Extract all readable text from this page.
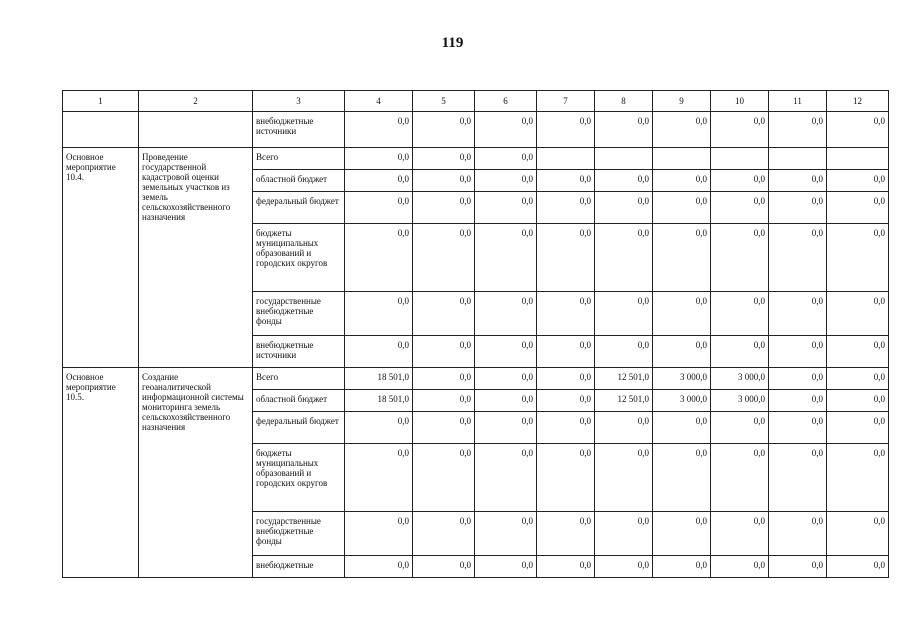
119
1	2	3	4	5	6	7	8	9	10	11	12
		внебюджетные источники	0,0	0,0	0,0	0,0	0,0	0,0	0,0	0,0	0,0
Основное мероприятие 10.4.	Проведение государственной кадастровой оценки земельных участков из земель сельскохозяйственного назначения	Всего	0,0	0,0	0,0						
		областной бюджет	0,0	0,0	0,0	0,0	0,0	0,0	0,0	0,0	0,0
		федеральный бюджет	0,0	0,0	0,0	0,0	0,0	0,0	0,0	0,0	0,0
		бюджеты муниципальных образований и городских округов	0,0	0,0	0,0	0,0	0,0	0,0	0,0	0,0	0,0
		государственные внебюджетные фонды	0,0	0,0	0,0	0,0	0,0	0,0	0,0	0,0	0,0
		внебюджетные источники	0,0	0,0	0,0	0,0	0,0	0,0	0,0	0,0	0,0
Основное мероприятие 10.5.	Создание геоаналитической информационной системы мониторинга земель сельскохозяйственного назначения	Всего	18 501,0	0,0	0,0	0,0	12 501,0	3 000,0	3 000,0	0,0	0,0
		областной бюджет	18 501,0	0,0	0,0	0,0	12 501,0	3 000,0	3 000,0	0,0	0,0
		федеральный бюджет	0,0	0,0	0,0	0,0	0,0	0,0	0,0	0,0	0,0
		бюджеты муниципальных образований и городских округов	0,0	0,0	0,0	0,0	0,0	0,0	0,0	0,0	0,0
		государственные внебюджетные фонды	0,0	0,0	0,0	0,0	0,0	0,0	0,0	0,0	0,0
		внебюджетные	0,0	0,0	0,0	0,0	0,0	0,0	0,0	0,0	0,0
